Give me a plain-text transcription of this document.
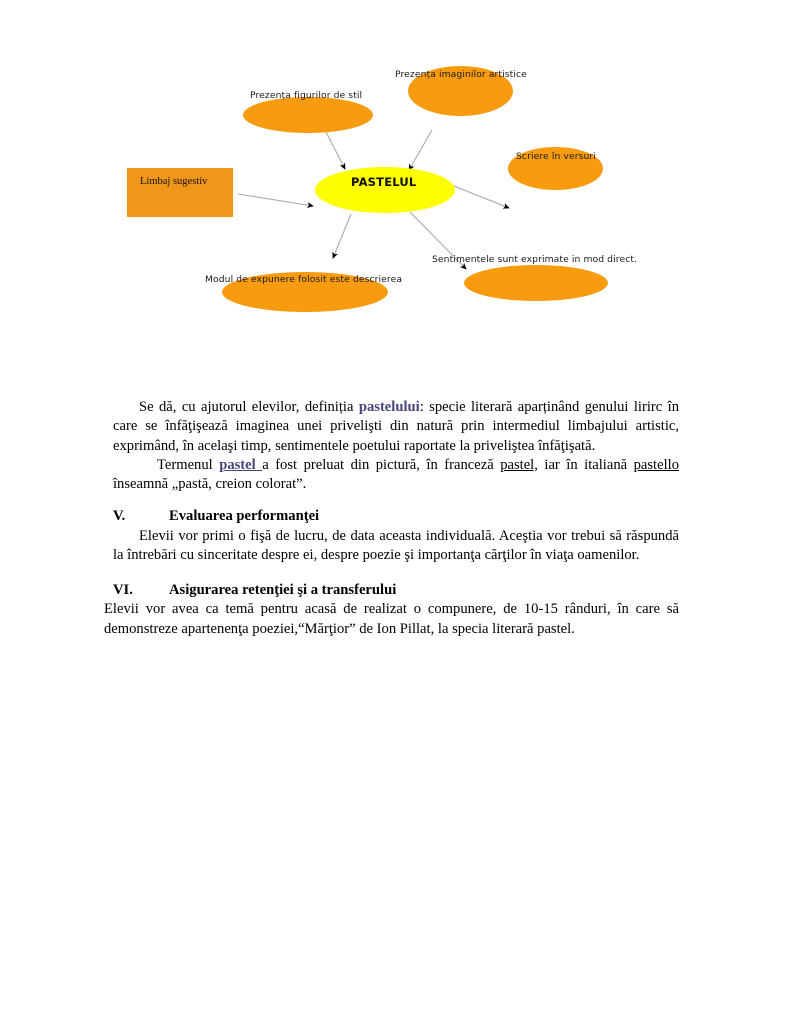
Prezența figurilor de stil
Prezența imaginilor artistice
Scriere în versuri
Limbaj sugestiv
Modul de expunere folosit este descrierea
Sentimentele sunt exprimate in mod direct.
PASTELUL

Se dă, cu ajutorul elevilor, definiția pastelului: specie literară aparținând genului lirirc în care se înfăţişează imaginea unei privelişti din natură prin intermediul limbajului artistic, exprimând, în acelaşi timp, sentimentele poetului raportate la priveliştea înfăţişată.

Termenul pastel a fost preluat din pictură, în franceză pastel, iar în italiană pastello înseamnă „pastă, creion colorat”.

V.	Evaluarea performanţei

Elevii vor primi o fişă de lucru, de data aceasta individuală. Aceştia vor trebui să răspundă la întrebări cu sinceritate despre ei, despre poezie şi importanţa cărţilor în viaţa oamenilor.

VI. Asigurarea retenţiei şi a transferului

Elevii vor avea ca temă pentru acasă de realizat o compunere, de 10-15 rânduri, în care să demonstreze apartenenţa poeziei,“Mărţior” de Ion Pillat, la specia literară pastel.
